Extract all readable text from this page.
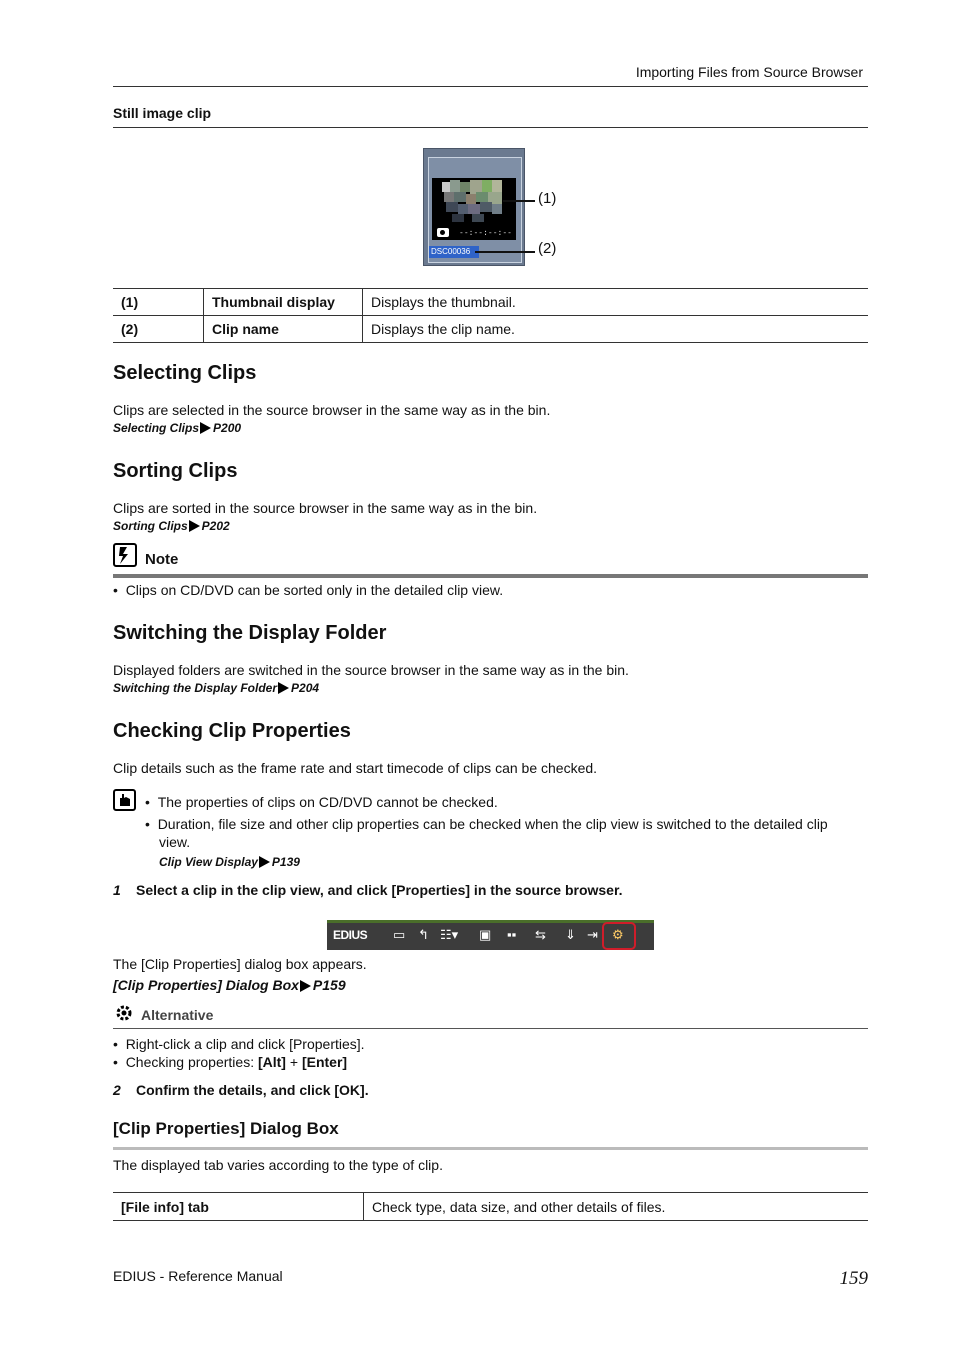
Importing Files from Source Browser
Still image clip
--:--:--:--
DSC00036
(1)
(2)
(1)	Thumbnail display	Displays the thumbnail.
(2)	Clip name	Displays the clip name.
Selecting Clips
Clips are selected in the source browser in the same way as in the bin.
Selecting Clips P200
Sorting Clips
Clips are sorted in the source browser in the same way as in the bin.
Sorting Clips P202
Note
•  Clips on CD/DVD can be sorted only in the detailed clip view.
Switching the Display Folder
Displayed folders are switched in the source browser in the same way as in the bin.
Switching the Display Folder P204
Checking Clip Properties
Clip details such as the frame rate and start timecode of clips can be checked.
•  The properties of clips on CD/DVD cannot be checked.
•  Duration, file size and other clip properties can be checked when the clip view is switched to the detailed clip
view.
Clip View Display P139
1 Select a clip in the clip view, and click [Properties] in the source browser.
EDIUS ▭ ↰ ☷▾ ▣ ▪▪ ⇆ ⇓ ⇥ ⚙
The [Clip Properties] dialog box appears.
[Clip Properties] Dialog Box P159
Alternative
•  Right-click a clip and click [Properties].
•  Checking properties: [Alt] + [Enter]
2 Confirm the details, and click [OK].
[Clip Properties] Dialog Box
The displayed tab varies according to the type of clip.
[File info] tab	Check type, data size, and other details of files.
EDIUS - Reference Manual	159
